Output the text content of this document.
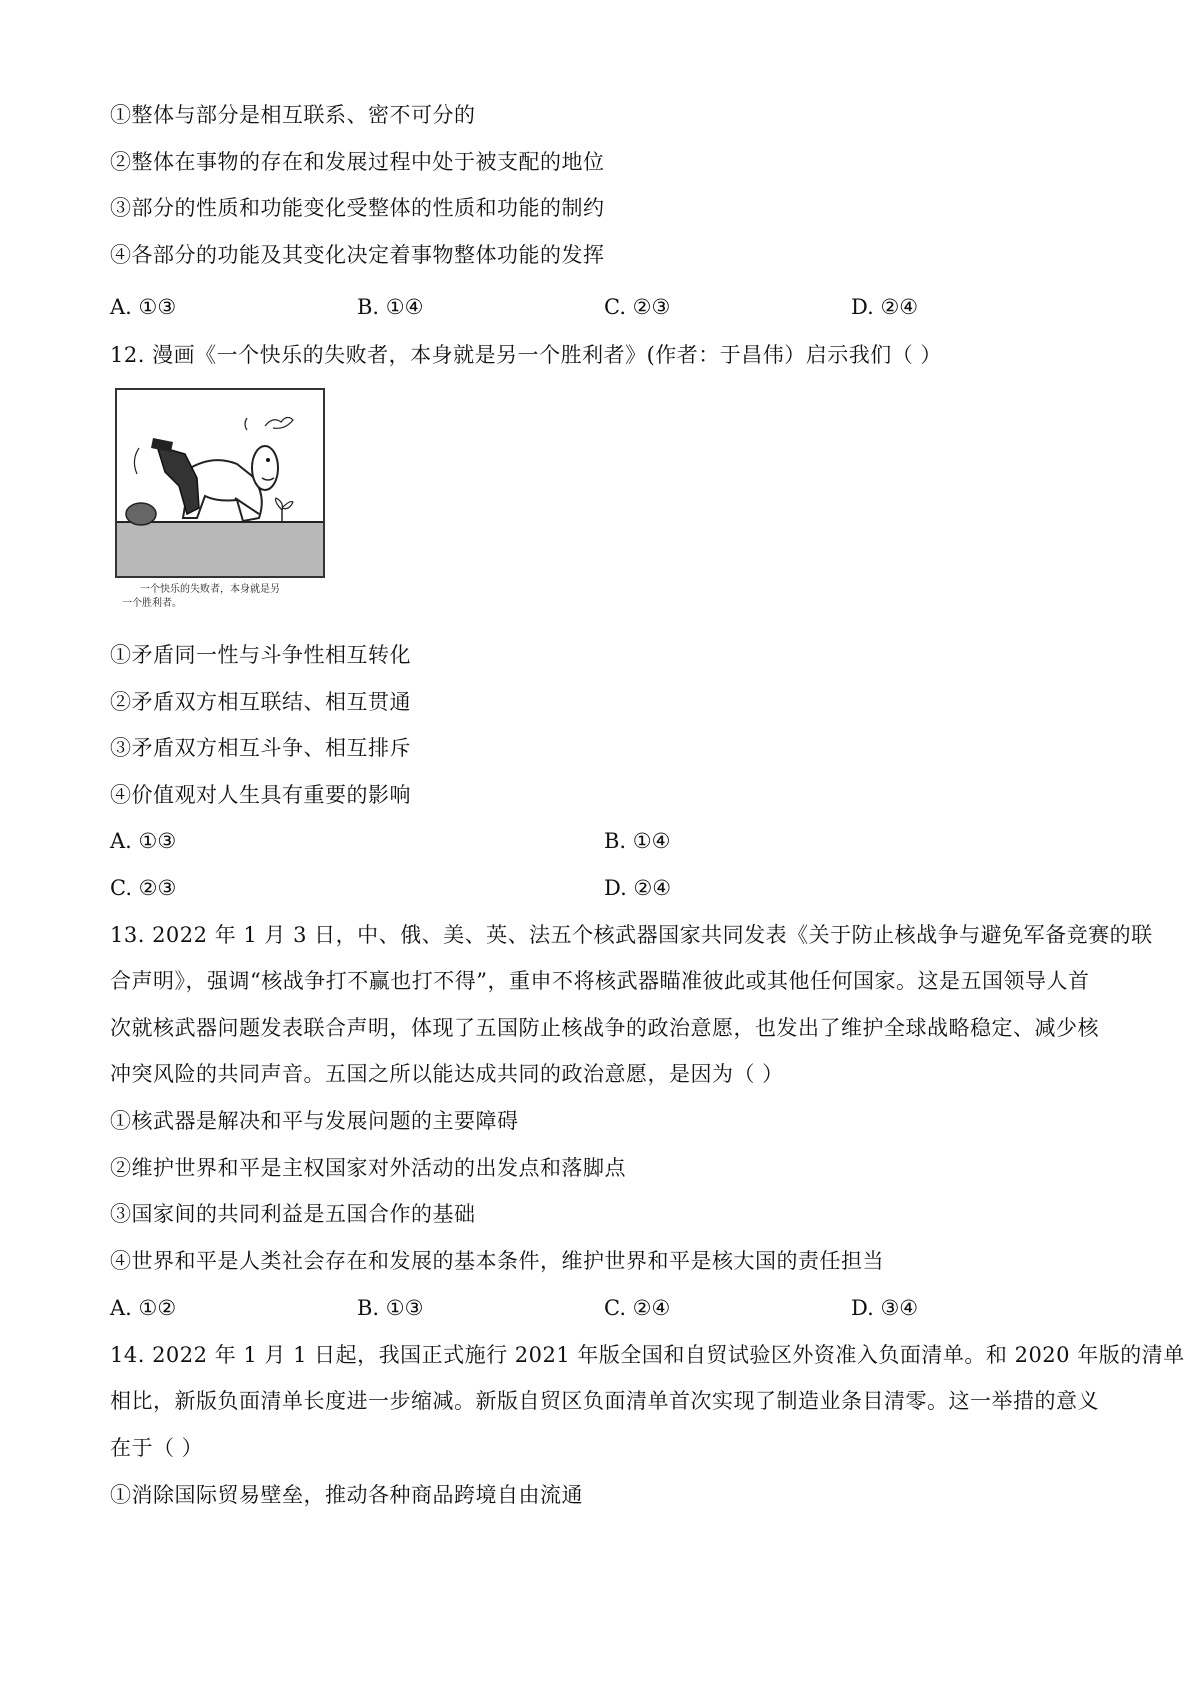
①整体与部分是相互联系、密不可分的
②整体在事物的存在和发展过程中处于被支配的地位
③部分的性质和功能变化受整体的性质和功能的制约
④各部分的功能及其变化决定着事物整体功能的发挥
A. ①③	B. ①④	C. ②③	D. ②④
12. 漫画《一个快乐的失败者，本身就是另一个胜利者》(作者：于昌伟）启示我们（ ）
一个快乐的失败者，本身就是另
一个胜利者。
①矛盾同一性与斗争性相互转化
②矛盾双方相互联结、相互贯通
③矛盾双方相互斗争、相互排斥
④价值观对人生具有重要的影响
A. ①③	B. ①④
C. ②③	D. ②④
13. 2022 年 1 月 3 日，中、俄、美、英、法五个核武器国家共同发表《关于防止核战争与避免军备竞赛的联
合声明》，强调“核战争打不赢也打不得”，重申不将核武器瞄准彼此或其他任何国家。这是五国领导人首
次就核武器问题发表联合声明，体现了五国防止核战争的政治意愿，也发出了维护全球战略稳定、减少核
冲突风险的共同声音。五国之所以能达成共同的政治意愿，是因为（ ）
①核武器是解决和平与发展问题的主要障碍
②维护世界和平是主权国家对外活动的出发点和落脚点
③国家间的共同利益是五国合作的基础
④世界和平是人类社会存在和发展的基本条件，维护世界和平是核大国的责任担当
A. ①②	B. ①③	C. ②④	D. ③④
14. 2022 年 1 月 1 日起，我国正式施行 2021 年版全国和自贸试验区外资准入负面清单。和 2020 年版的清单
相比，新版负面清单长度进一步缩减。新版自贸区负面清单首次实现了制造业条目清零。这一举措的意义
在于（ ）
①消除国际贸易壁垒，推动各种商品跨境自由流通
